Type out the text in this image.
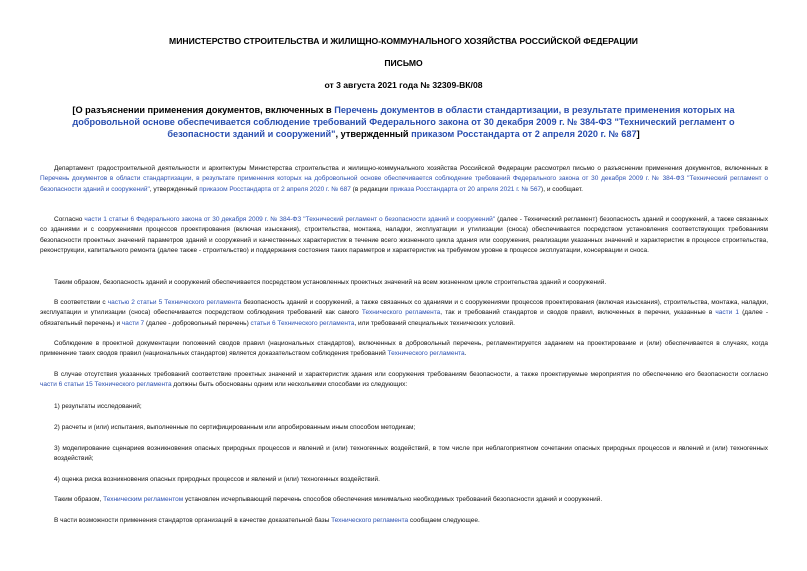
МИНИСТЕРСТВО СТРОИТЕЛЬСТВА И ЖИЛИЩНО-КОММУНАЛЬНОГО ХОЗЯЙСТВА РОССИЙСКОЙ ФЕДЕРАЦИИ
ПИСЬМО
от 3 августа 2021 года № 32309-ВК/08
[О разъяснении применения документов, включенных в Перечень документов в области стандартизации, в результате применения которых на добровольной основе обеспечивается соблюдение требований Федерального закона от 30 декабря 2009 г. № 384-ФЗ "Технический регламент о безопасности зданий и сооружений", утвержденный приказом Росстандарта от 2 апреля 2020 г. № 687]
Департамент градостроительной деятельности и архитектуры Министерства строительства и жилищно-коммунального хозяйства Российской Федерации рассмотрел письмо о разъяснении применения документов, включенных в Перечень документов в области стандартизации, в результате применения которых на добровольной основе обеспечивается соблюдение требований Федерального закона от 30 декабря 2009 г. № 384-ФЗ "Технический регламент о безопасности зданий и сооружений", утвержденный приказом Росстандарта от 2 апреля 2020 г. № 687 (в редакции приказа Росстандарта от 20 апреля 2021 г. № 567), и сообщает.
Согласно части 1 статьи 6 Федерального закона от 30 декабря 2009 г. № 384-ФЗ "Технический регламент о безопасности зданий и сооружений" (далее - Технический регламент) безопасность зданий и сооружений, а также связанных со зданиями и с сооружениями процессов проектирования (включая изыскания), строительства, монтажа, наладки, эксплуатации и утилизации (сноса) обеспечивается посредством установления соответствующих требованиям безопасности проектных значений параметров зданий и сооружений и качественных характеристик в течение всего жизненного цикла здания или сооружения, реализации указанных значений и характеристик в процессе строительства, реконструкции, капитального ремонта (далее также - строительство) и поддержания состояния таких параметров и характеристик на требуемом уровне в процессе эксплуатации, консервации и сноса.
Таким образом, безопасность зданий и сооружений обеспечивается посредством установленных проектных значений на всем жизненном цикле строительства зданий и сооружений.
В соответствии с частью 2 статьи 5 Технического регламента безопасность зданий и сооружений, а также связанных со зданиями и с сооружениями процессов проектирования (включая изыскания), строительства, монтажа, наладки, эксплуатации и утилизации (сноса) обеспечивается посредством соблюдения требований как самого Технического регламента, так и требований стандартов и сводов правил, включенных в перечни, указанные в части 1 (далее - обязательный перечень) и части 7 (далее - добровольный перечень) статьи 6 Технического регламента, или требований специальных технических условий.
Соблюдение в проектной документации положений сводов правил (национальных стандартов), включенных в добровольный перечень, регламентируется заданием на проектирование и (или) обеспечивается в случаях, когда применение таких сводов правил (национальных стандартов) является доказательством соблюдения требований Технического регламента.
В случае отсутствия указанных требований соответствие проектных значений и характеристик здания или сооружения требованиям безопасности, а также проектируемые мероприятия по обеспечению его безопасности согласно части 6 статьи 15 Технического регламента должны быть обоснованы одним или несколькими способами из следующих:
1) результаты исследований;
2) расчеты и (или) испытания, выполненные по сертифицированным или апробированным иным способом методикам;
3) моделирование сценариев возникновения опасных природных процессов и явлений и (или) техногенных воздействий, в том числе при неблагоприятном сочетании опасных природных процессов и явлений и (или) техногенных воздействий;
4) оценка риска возникновения опасных природных процессов и явлений и (или) техногенных воздействий.
Таким образом, Техническим регламентом установлен исчерпывающий перечень способов обеспечения минимально необходимых требований безопасности зданий и сооружений.
В части возможности применения стандартов организаций в качестве доказательной базы Технического регламента сообщаем следующее.
